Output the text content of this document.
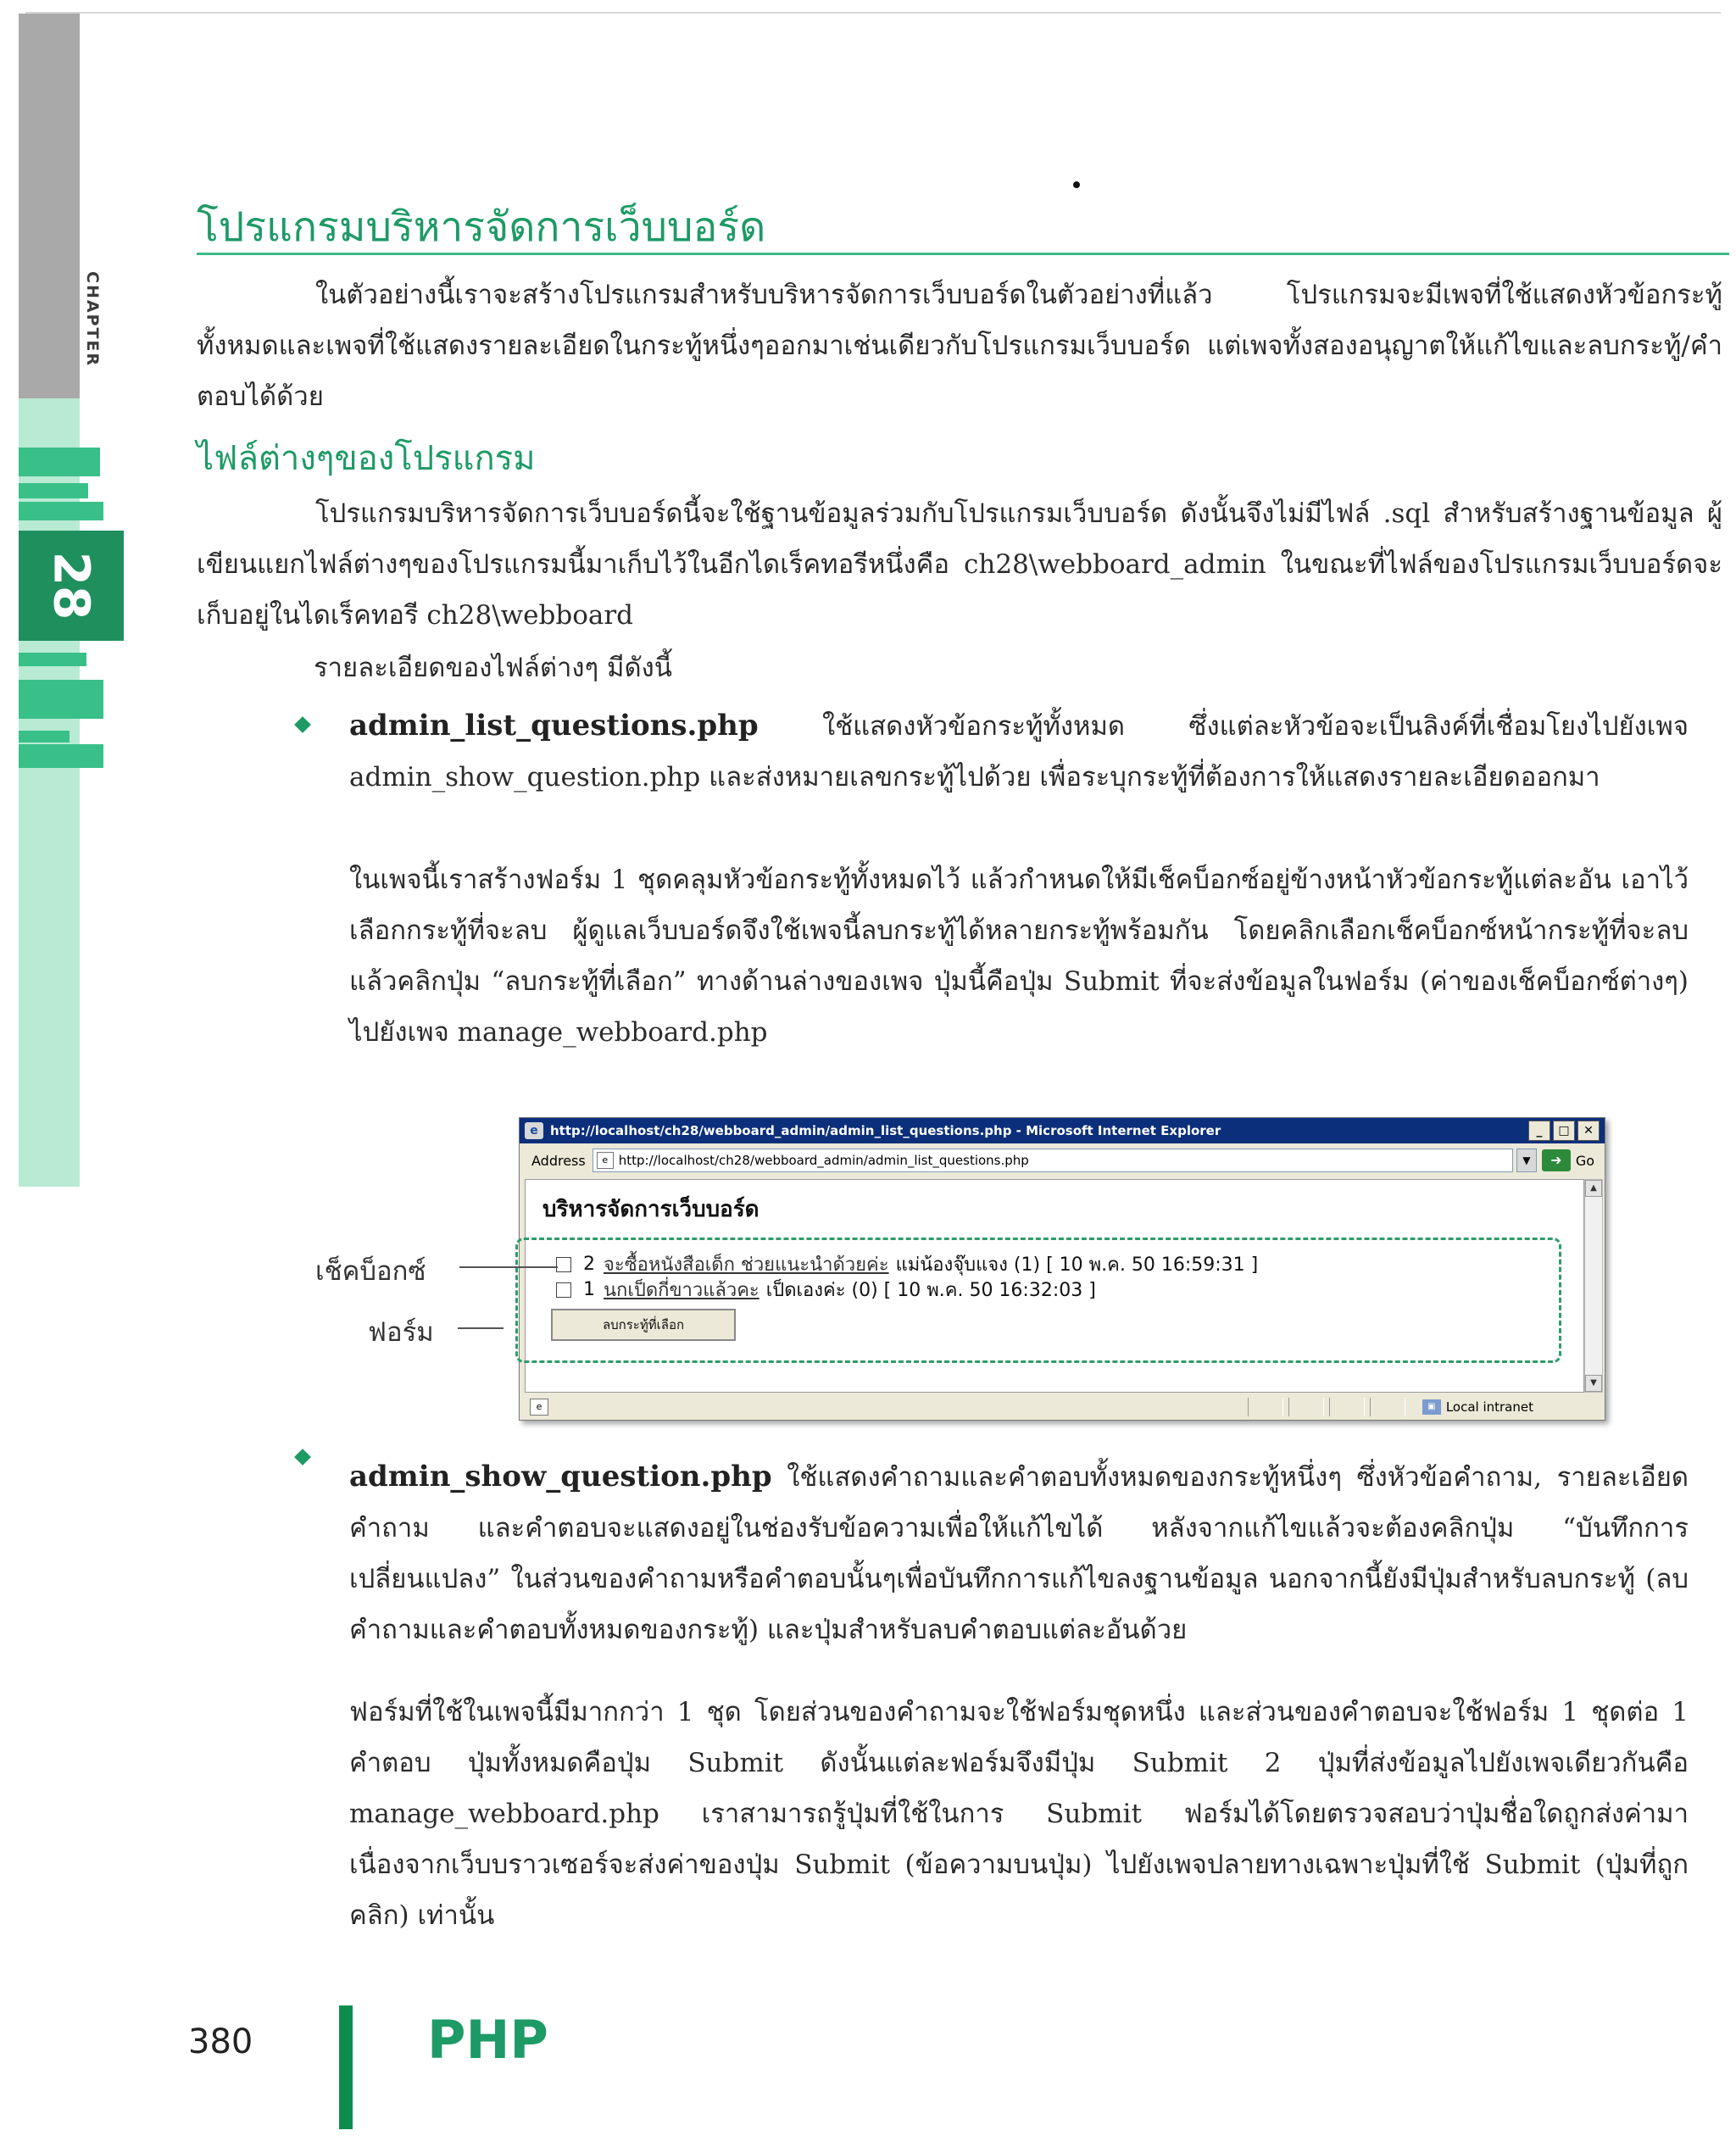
CHAPTER
28
โปรแกรมบริหารจัดการเว็บบอร์ด

ในตัวอย่างนี้เราจะสร้างโปรแกรมสำหรับบริหารจัดการเว็บบอร์ดในตัวอย่างที่แล้ว โปรแกรมจะมีเพจที่ใช้แสดงหัวข้อกระทู้ทั้งหมดและเพจที่ใช้แสดงรายละเอียดในกระทู้หนึ่งๆออกมาเช่นเดียวกับโปรแกรมเว็บบอร์ด แต่เพจทั้งสองอนุญาตให้แก้ไขและลบกระทู้/คำตอบได้ด้วย

ไฟล์ต่างๆของโปรแกรม

โปรแกรมบริหารจัดการเว็บบอร์ดนี้จะใช้ฐานข้อมูลร่วมกับโปรแกรมเว็บบอร์ด ดังนั้นจึงไม่มีไฟล์ .sql สำหรับสร้างฐานข้อมูล ผู้เขียนแยกไฟล์ต่างๆของโปรแกรมนี้มาเก็บไว้ในอีกไดเร็คทอรีหนึ่งคือ ch28\webboard_admin ในขณะที่ไฟล์ของโปรแกรมเว็บบอร์ดจะเก็บอยู่ในไดเร็คทอรี ch28\webboard

รายละเอียดของไฟล์ต่างๆ มีดังนี้

admin_list_questions.php ใช้แสดงหัวข้อกระทู้ทั้งหมด ซึ่งแต่ละหัวข้อจะเป็นลิงค์ที่เชื่อมโยงไปยังเพจ admin_show_question.php และส่งหมายเลขกระทู้ไปด้วย เพื่อระบุกระทู้ที่ต้องการให้แสดงรายละเอียดออกมา

ในเพจนี้เราสร้างฟอร์ม 1 ชุดคลุมหัวข้อกระทู้ทั้งหมดไว้ แล้วกำหนดให้มีเช็คบ็อกซ์อยู่ข้างหน้าหัวข้อกระทู้แต่ละอัน เอาไว้เลือกกระทู้ที่จะลบ ผู้ดูแลเว็บบอร์ดจึงใช้เพจนี้ลบกระทู้ได้หลายกระทู้พร้อมกัน โดยคลิกเลือกเช็คบ็อกซ์หน้ากระทู้ที่จะลบ แล้วคลิกปุ่ม “ลบกระทู้ที่เลือก” ทางด้านล่างของเพจ ปุ่มนี้คือปุ่ม Submit ที่จะส่งข้อมูลในฟอร์ม (ค่าของเช็คบ็อกซ์ต่างๆ) ไปยังเพจ manage_webboard.php

e http://localhost/ch28/webboard_admin/admin_list_questions.php - Microsoft Internet Explorer	_	□	✕
Address	e http://localhost/ch28/webboard_admin/admin_list_questions.php	▼	➜	Go
บริหารจัดการเว็บบอร์ด
2 จะซื้อหนังสือเด็ก ช่วยแนะนำด้วยค่ะ แม่น้องจุ๊บแจง (1) [ 10 พ.ค. 50 16:59:31 ]
1 นกเป็ดกี่ขาวแล้วคะ เป็ดเองค่ะ (0) [ 10 พ.ค. 50 16:32:03 ]
ลบกระทู้ที่เลือก
▲
▼
e	▣ Local intranet
เช็คบ็อกซ์
ฟอร์ม

admin_show_question.php ใช้แสดงคำถามและคำตอบทั้งหมดของกระทู้หนึ่งๆ ซึ่งหัวข้อคำถาม, รายละเอียดคำถาม และคำตอบจะแสดงอยู่ในช่องรับข้อความเพื่อให้แก้ไขได้ หลังจากแก้ไขแล้วจะต้องคลิกปุ่ม “บันทึกการเปลี่ยนแปลง” ในส่วนของคำถามหรือคำตอบนั้นๆเพื่อบันทึกการแก้ไขลงฐานข้อมูล นอกจากนี้ยังมีปุ่มสำหรับลบกระทู้ (ลบคำถามและคำตอบทั้งหมดของกระทู้) และปุ่มสำหรับลบคำตอบแต่ละอันด้วย

ฟอร์มที่ใช้ในเพจนี้มีมากกว่า 1 ชุด โดยส่วนของคำถามจะใช้ฟอร์มชุดหนึ่ง และส่วนของคำตอบจะใช้ฟอร์ม 1 ชุดต่อ 1 คำตอบ ปุ่มทั้งหมดคือปุ่ม Submit ดังนั้นแต่ละฟอร์มจึงมีปุ่ม Submit 2 ปุ่มที่ส่งข้อมูลไปยังเพจเดียวกันคือ manage_webboard.php เราสามารถรู้ปุ่มที่ใช้ในการ Submit ฟอร์มได้โดยตรวจสอบว่าปุ่มชื่อใดถูกส่งค่ามา เนื่องจากเว็บบราวเซอร์จะส่งค่าของปุ่ม Submit (ข้อความบนปุ่ม) ไปยังเพจปลายทางเฉพาะปุ่มที่ใช้ Submit (ปุ่มที่ถูกคลิก) เท่านั้น

380	PHP
